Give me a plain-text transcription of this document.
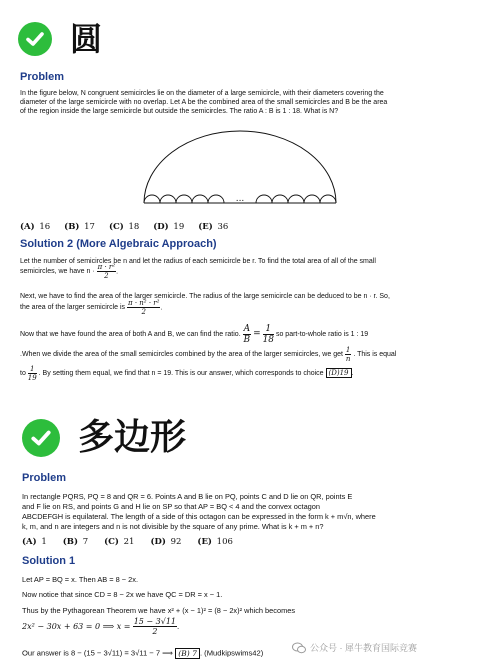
圆
Problem
In the figure below, N congruent semicircles lie on the diameter of a large semicircle, with their diameters covering the
diameter of the large semicircle with no overlap. Let A be the combined area of the small semicircles and B be the area
of the region inside the large semicircle but outside the semicircles. The ratio A : B is 1 : 18. What is N?
...
(A) 16 (B) 17 (C) 18 (D) 19 (E) 36
Solution 2 (More Algebraic Approach)
Let the number of semicircles be n and let the radius of each semicircle be r. To find the total area of all of the small
semicircles, we have $n \cdot \frac{\text{π · r²}}{2}$ .
Next, we have to find the area of the larger semicircle. The radius of the large semicircle can be deduced to be n · r. So,
the area of the larger semicircle is $\frac{\text{π · n² · r²}}{2}$ .
Now that we have found the area of both A and B, we can find the ratio. $\frac{A}{B} = \frac{1}{18}$ so part-to-whole ratio is 1 : 19
.When we divide the area of the small semicircles combined by the area of the larger semicircles, we get $\frac{1}{n}$ . This is equal
to $\frac{1}{19}$ . By setting them equal, we find that n = 19. This is our answer, which corresponds to choice (D)19 .
多边形
Problem
In rectangle PQRS, PQ = 8 and QR = 6. Points A and B lie on PQ, points C and D lie on QR, points E
and F lie on RS, and points G and H lie on SP so that AP = BQ < 4 and the convex octagon
ABCDEFGH is equilateral. The length of a side of this octagon can be expressed in the form k + m√n, where
k, m, and n are integers and n is not divisible by the square of any prime. What is k + m + n?
(A) 1 (B) 7 (C) 21 (D) 92 (E) 106
Solution 1
Let AP = BQ = x. Then AB = 8 − 2x.
Now notice that since CD = 8 − 2x we have QC = DR = x − 1.
Thus by the Pythagorean Theorem we have x² + (x − 1)² = (8 − 2x)² which becomes
2x² − 30x + 63 = 0 ⟹ $x = \frac{15 - 3√11}{2}$ .
Our answer is 8 − (15 − 3√11) = 3√11 − 7 ⟹ (B) 7 . (Mudkipswims42)	公众号 · 犀牛教育国际竞赛
